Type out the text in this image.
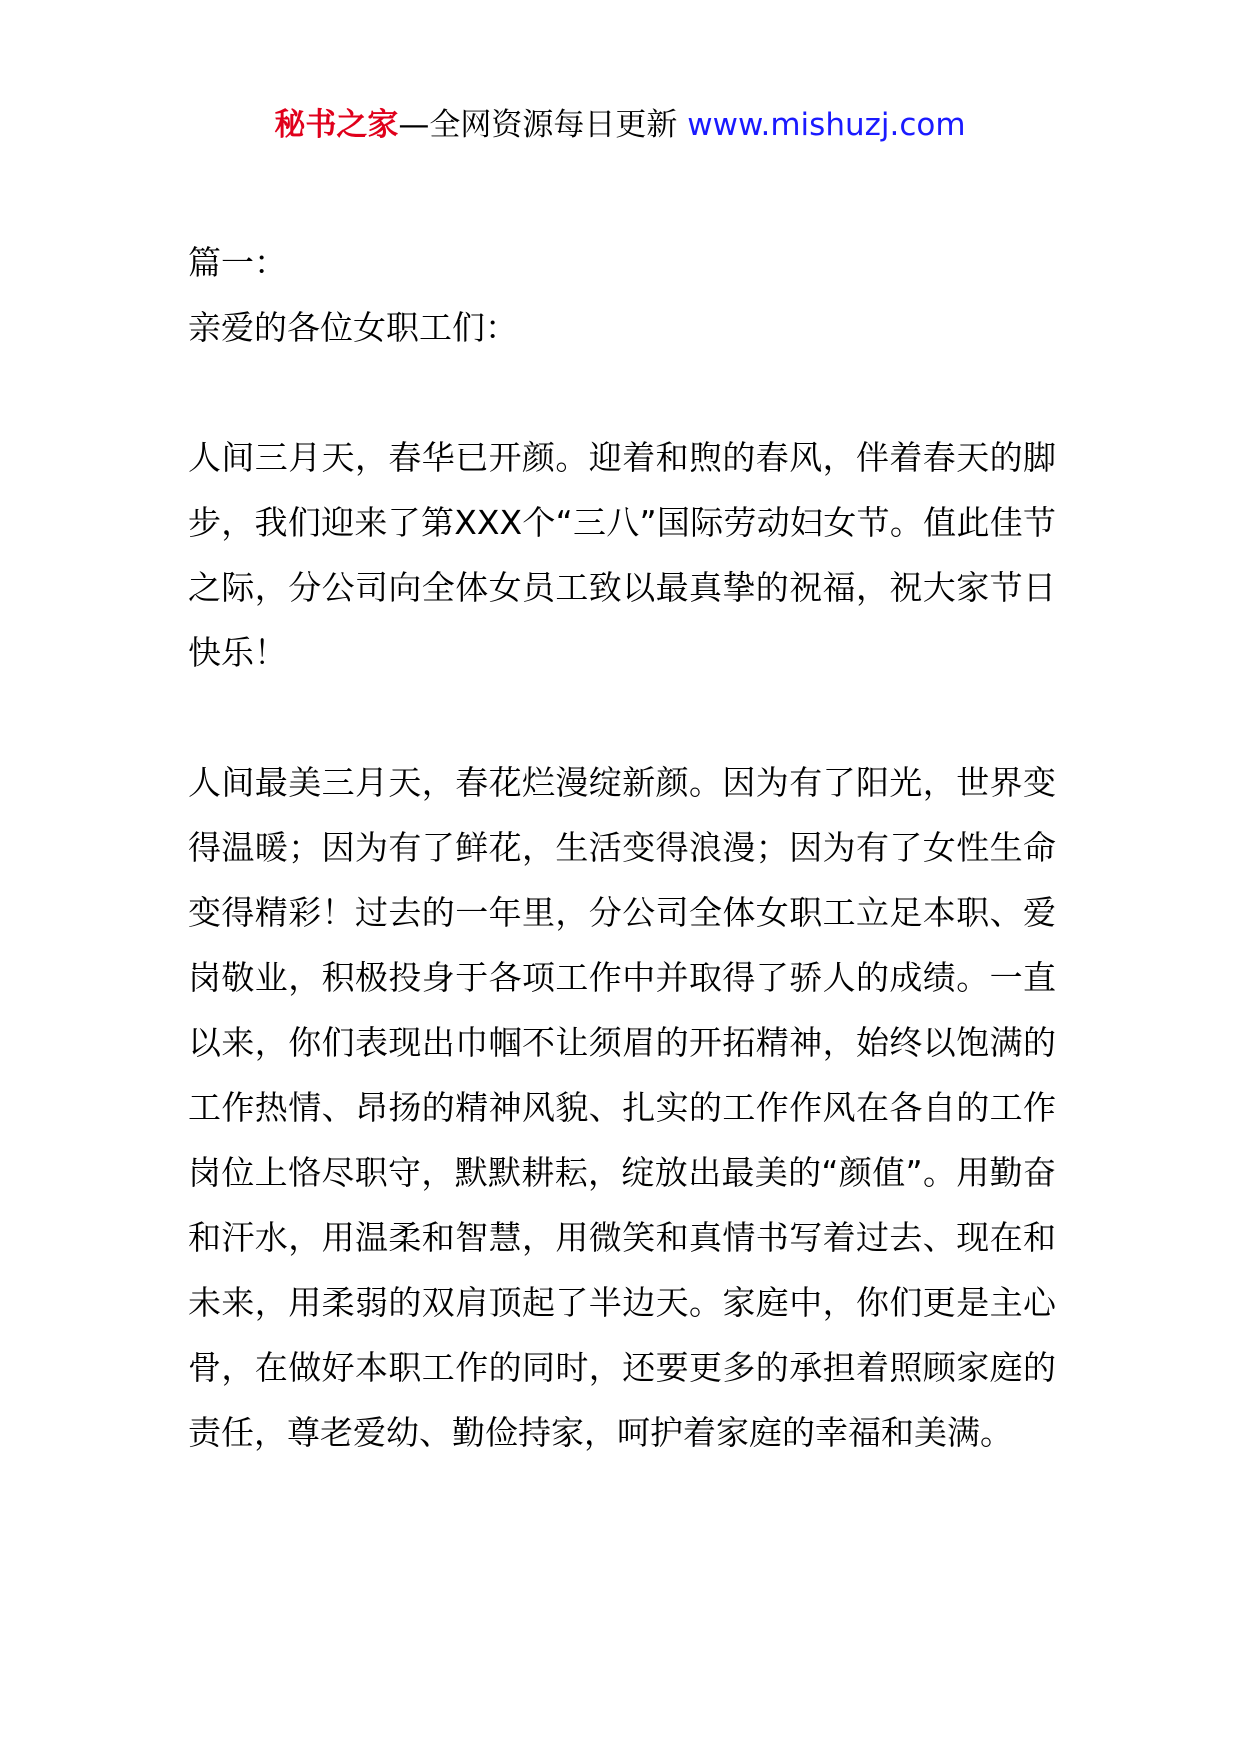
秘书之家—全网资源每日更新 www.mishuzj.com

篇一：

亲爱的各位女职工们：

人间三月天，春华已开颜。迎着和煦的春风，伴着春天的脚步，我们迎来了第XXX个“三八”国际劳动妇女节。值此佳节之际，分公司向全体女员工致以最真挚的祝福，祝大家节日快乐！

人间最美三月天，春花烂漫绽新颜。因为有了阳光，世界变得温暖；因为有了鲜花，生活变得浪漫；因为有了女性生命变得精彩！过去的一年里，分公司全体女职工立足本职、爱岗敬业，积极投身于各项工作中并取得了骄人的成绩。一直以来，你们表现出巾帼不让须眉的开拓精神，始终以饱满的工作热情、昂扬的精神风貌、扎实的工作作风在各自的工作岗位上恪尽职守，默默耕耘，绽放出最美的“颜值”。用勤奋和汗水，用温柔和智慧，用微笑和真情书写着过去、现在和未来，用柔弱的双肩顶起了半边天。家庭中，你们更是主心骨，在做好本职工作的同时，还要更多的承担着照顾家庭的责任，尊老爱幼、勤俭持家，呵护着家庭的幸福和美满。
